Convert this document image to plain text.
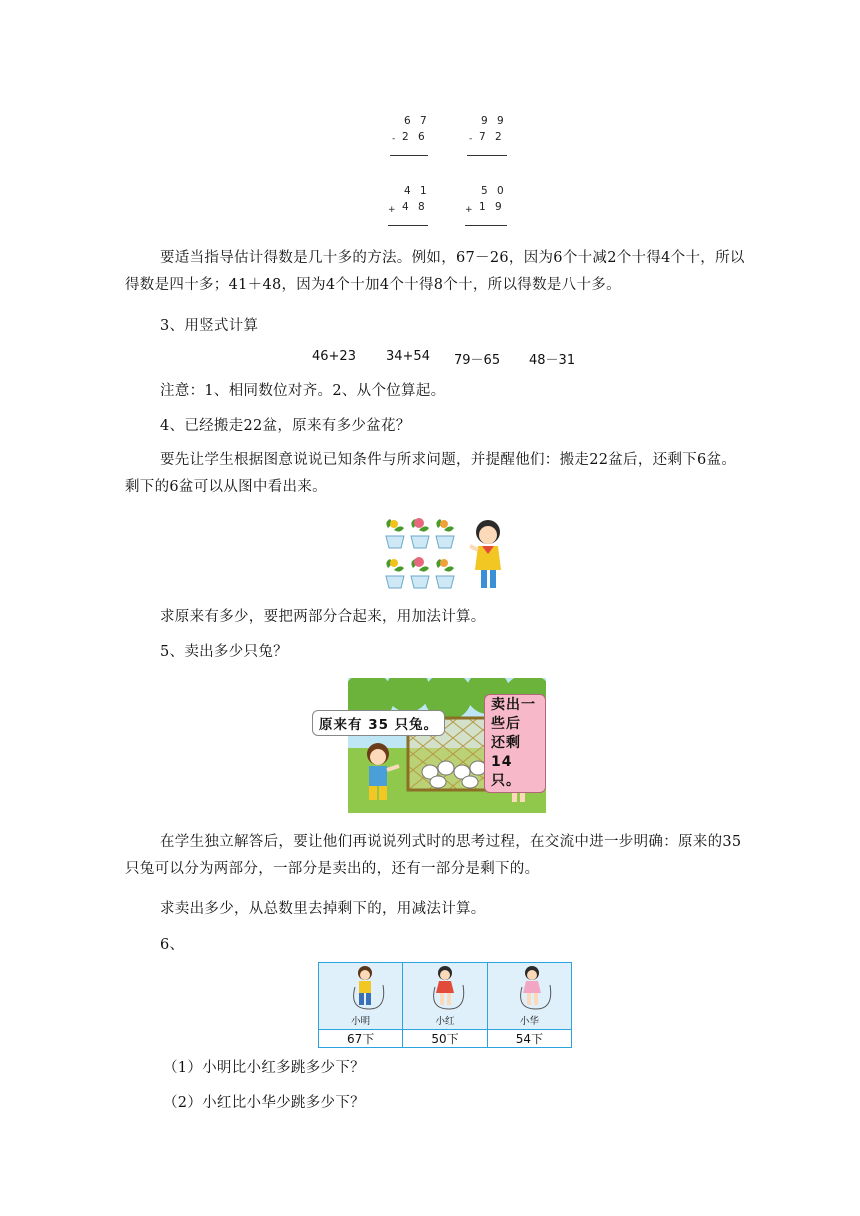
6 7
- 2 6
9 9
- 7 2
4 1
+ 4 8
5 0
+ 1 9
要适当指导估计得数是几十多的方法。例如，67－26，因为6个十减2个十得4个十，所以得数是四十多；41＋48，因为4个十加4个十得8个十，所以得数是八十多。
3、用竖式计算
46+23 34+54 79－65 48－31
注意：1、相同数位对齐。2、从个位算起。
4、已经搬走22盆，原来有多少盆花？
要先让学生根据图意说说已知条件与所求问题，并提醒他们：搬走22盆后，还剩下6盆。剩下的6盆可以从图中看出来。
求原来有多少，要把两部分合起来，用加法计算。
5、卖出多少只兔？
卖出一些后
还剩 14 只。
原来有 35 只兔。
在学生独立解答后，要让他们再说说列式时的思考过程，在交流中进一步明确：原来的35只兔可以分为两部分，一部分是卖出的，还有一部分是剩下的。
求卖出多少，从总数里去掉剩下的，用减法计算。
6、
小明	小红	小华

67下	50下	54下
（1）小明比小红多跳多少下？
（2）小红比小华少跳多少下？
